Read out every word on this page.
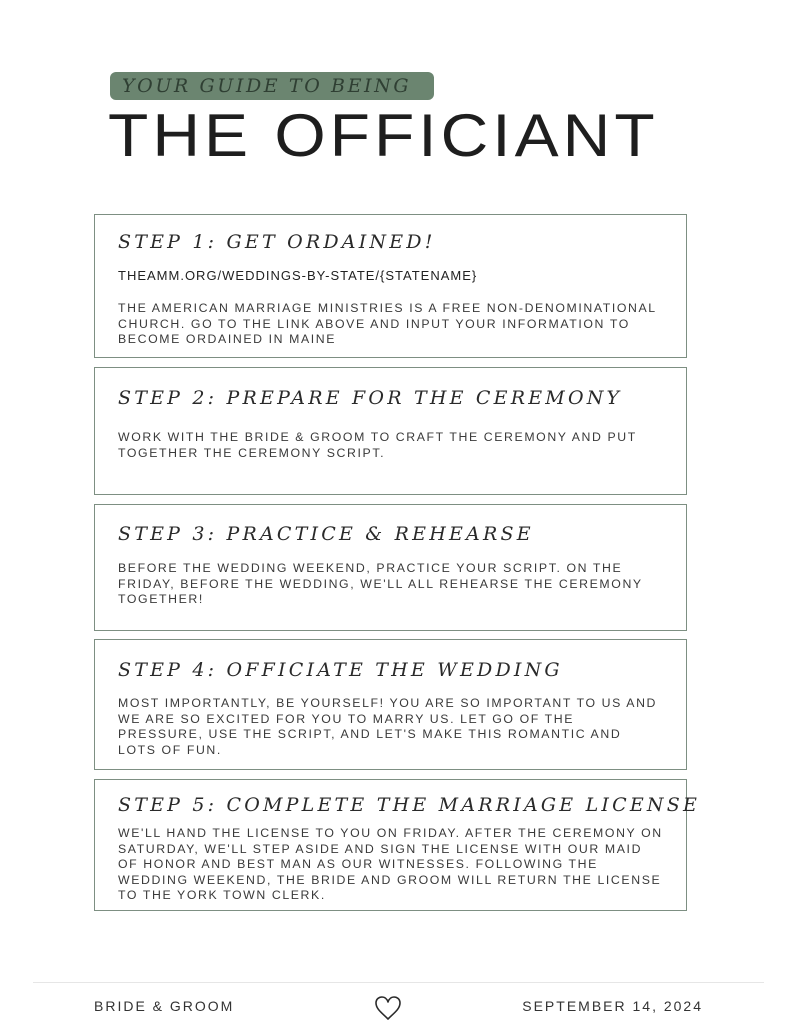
YOUR GUIDE TO BEING
THE OFFICIANT
STEP 1: GET ORDAINED!
THEAMM.ORG/WEDDINGS-BY-STATE/{STATENAME}

THE AMERICAN MARRIAGE MINISTRIES IS A FREE NON-DENOMINATIONAL CHURCH. GO TO THE LINK ABOVE AND INPUT YOUR INFORMATION TO BECOME ORDAINED IN MAINE

STEP 2: PREPARE FOR THE CEREMONY

WORK WITH THE BRIDE & GROOM TO CRAFT THE CEREMONY AND PUT TOGETHER THE CEREMONY SCRIPT.

STEP 3: PRACTICE & REHEARSE

BEFORE THE WEDDING WEEKEND, PRACTICE YOUR SCRIPT. ON THE FRIDAY, BEFORE THE WEDDING, WE'LL ALL REHEARSE THE CEREMONY TOGETHER!

STEP 4: OFFICIATE THE WEDDING

MOST IMPORTANTLY, BE YOURSELF! YOU ARE SO IMPORTANT TO US AND WE ARE SO EXCITED FOR YOU TO MARRY US. LET GO OF THE PRESSURE, USE THE SCRIPT, AND LET'S MAKE THIS ROMANTIC AND LOTS OF FUN.

STEP 5: COMPLETE THE MARRIAGE LICENSE

WE'LL HAND THE LICENSE TO YOU ON FRIDAY. AFTER THE CEREMONY ON SATURDAY, WE'LL STEP ASIDE AND SIGN THE LICENSE WITH OUR MAID OF HONOR AND BEST MAN AS OUR WITNESSES. FOLLOWING THE WEDDING WEEKEND, THE BRIDE AND GROOM WILL RETURN THE LICENSE TO THE YORK TOWN CLERK.

BRIDE & GROOM	SEPTEMBER 14, 2024
